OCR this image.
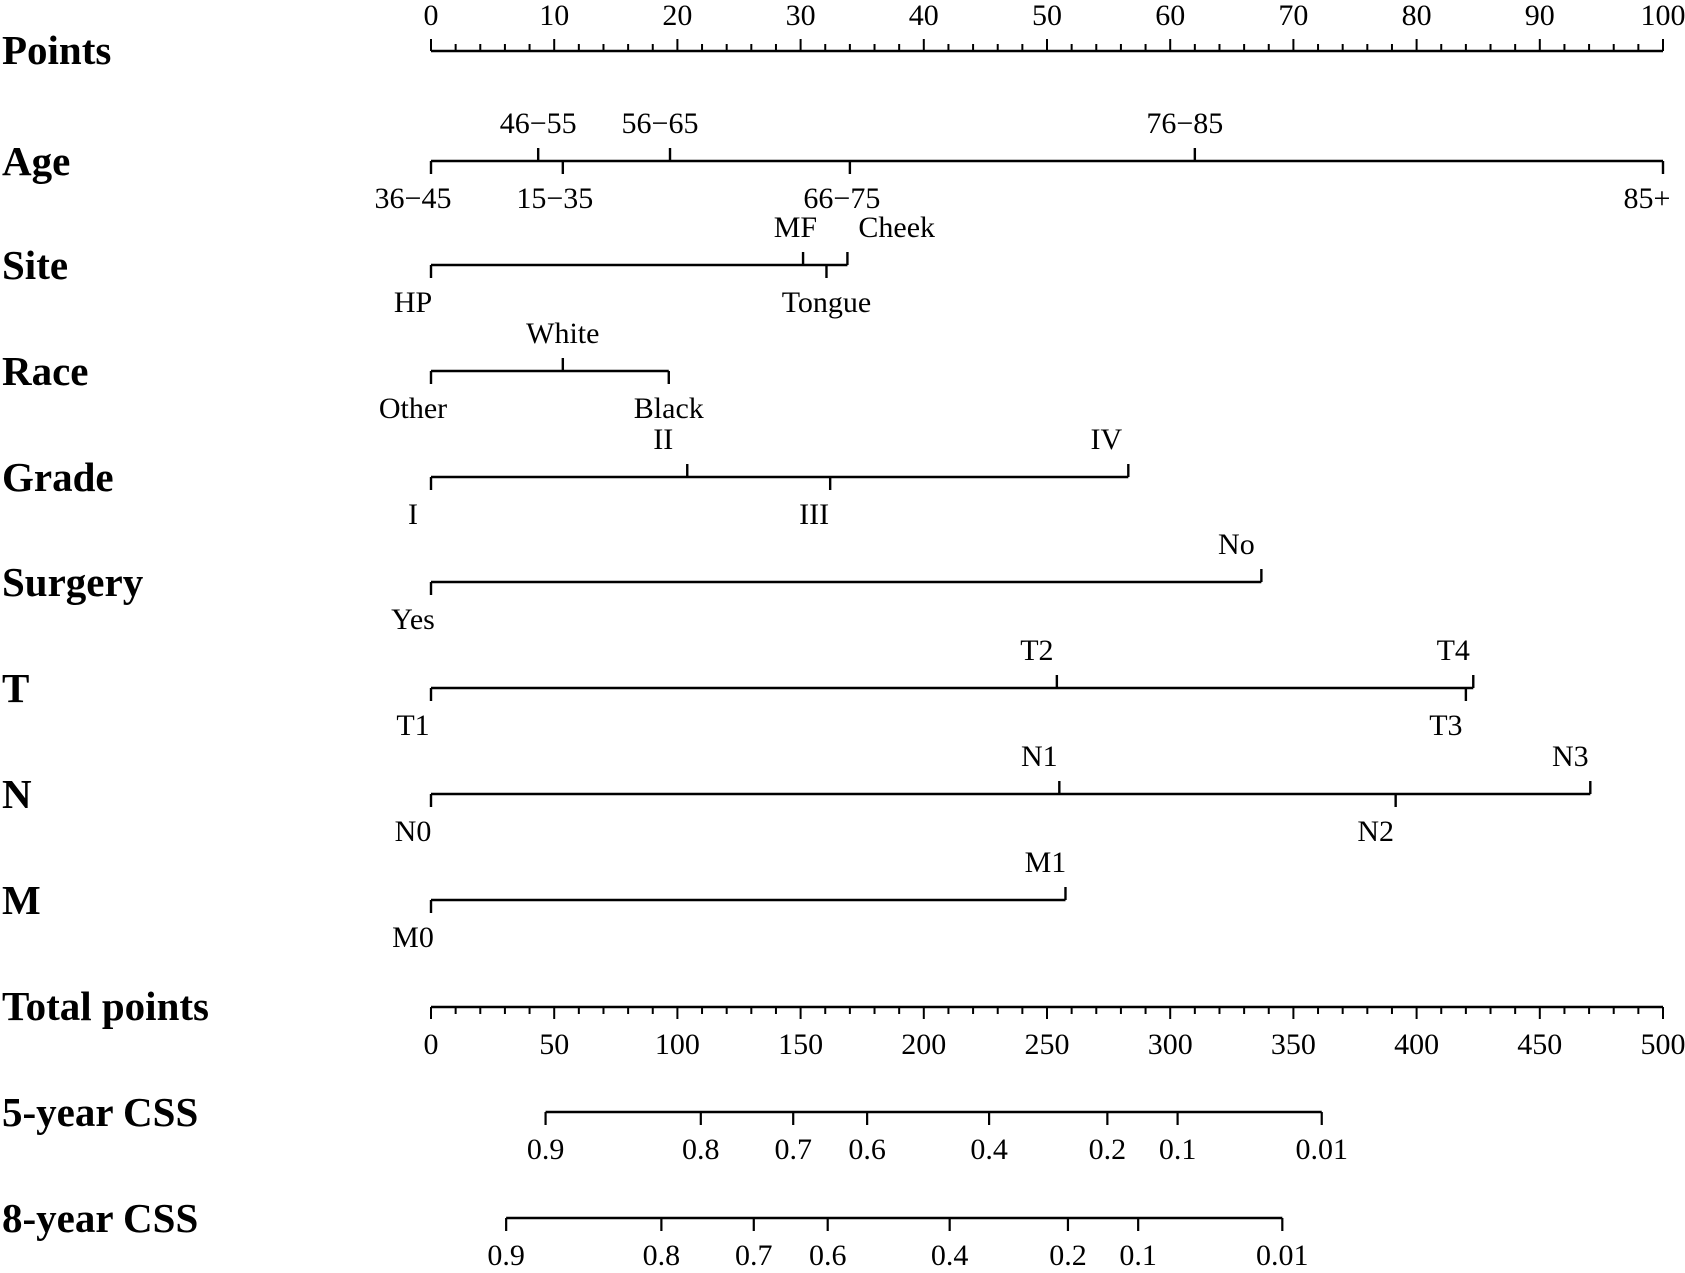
Points
0	10	20	30	40	50	60	70	80	90	100
Age
36−45
46−55
15−35
56−65
66−75
76−85
85+
Site
HP
MF
Tongue
Cheek
Race
Other
White
Black
Grade
I
II
III
IV
Surgery
Yes
No
T
T1
T2
T3
T4
N
N0
N1
N2
N3
M
M0
M1
Total points
0	50	100	150	200	250	300	350	400	450	500
5-year CSS
0.9	0.8 0.7 0.6	0.4	0.2 0.1	0.01
8-year CSS
0.9	0.8 0.7 0.6	0.4	0.2 0.1	0.01
